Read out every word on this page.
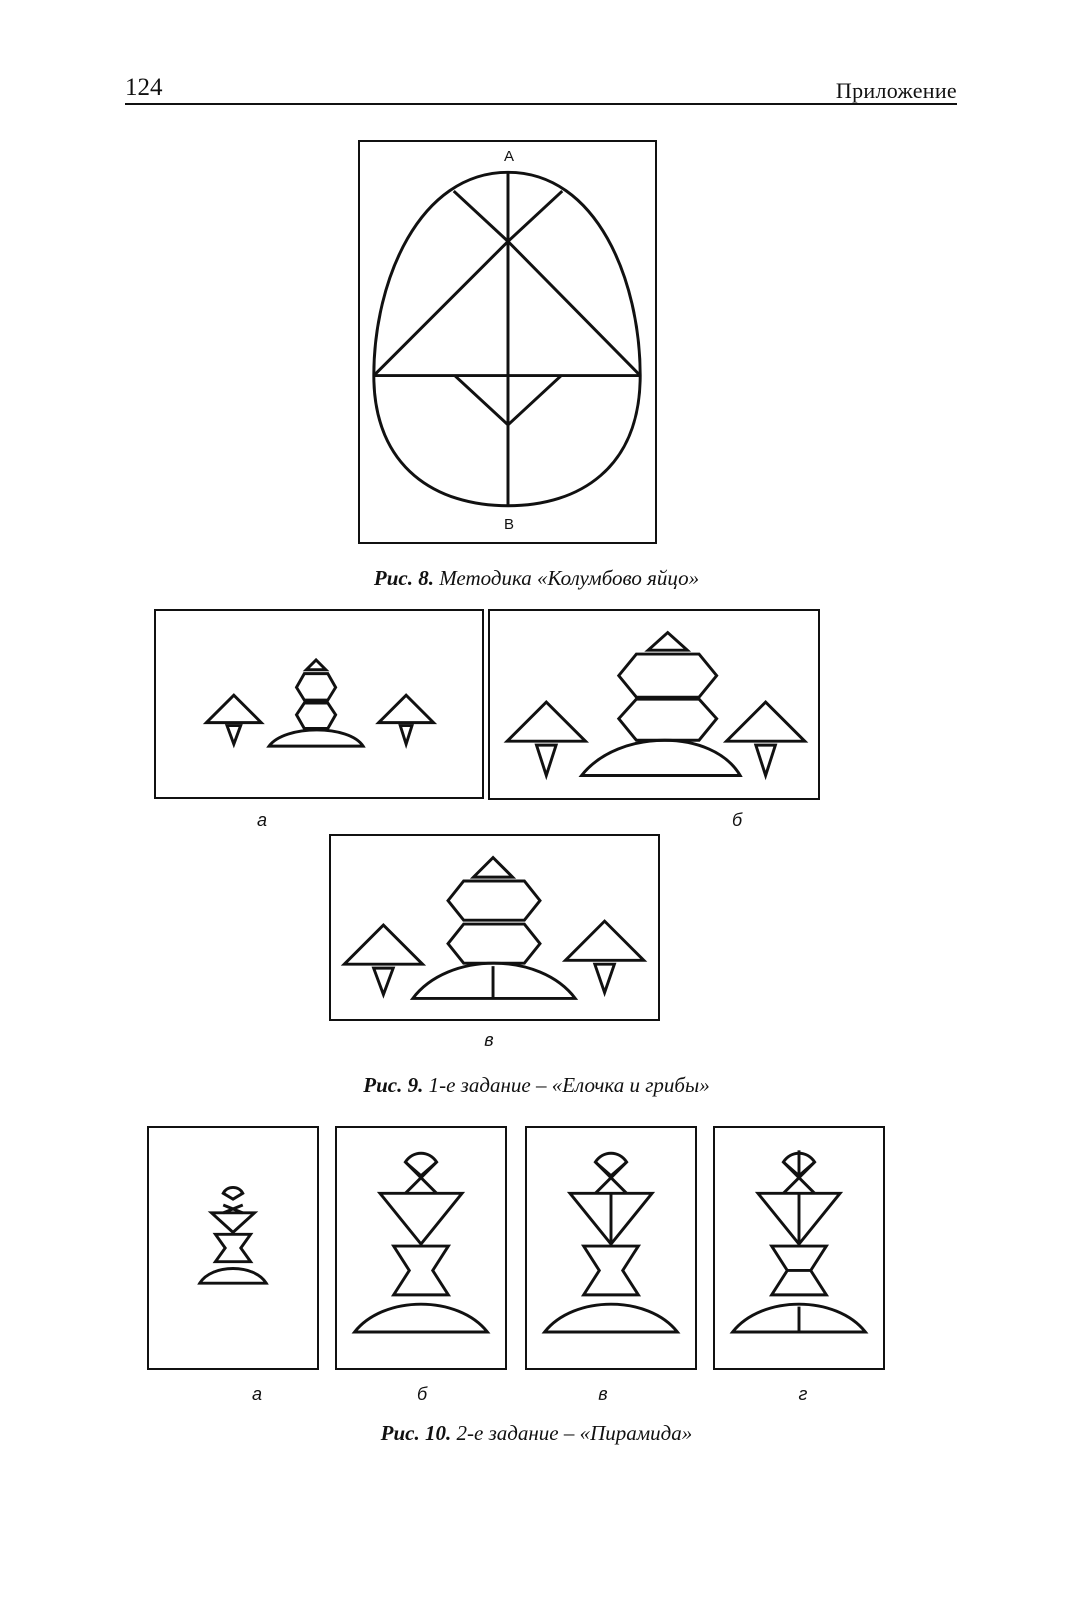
124	Приложение
А
В
Рис. 8. Методика «Колумбово яйцо»
а	б
в
Рис. 9. 1-е задание – «Елочка и грибы»
а	б	в	г
Рис. 10. 2-е задание – «Пирамида»
